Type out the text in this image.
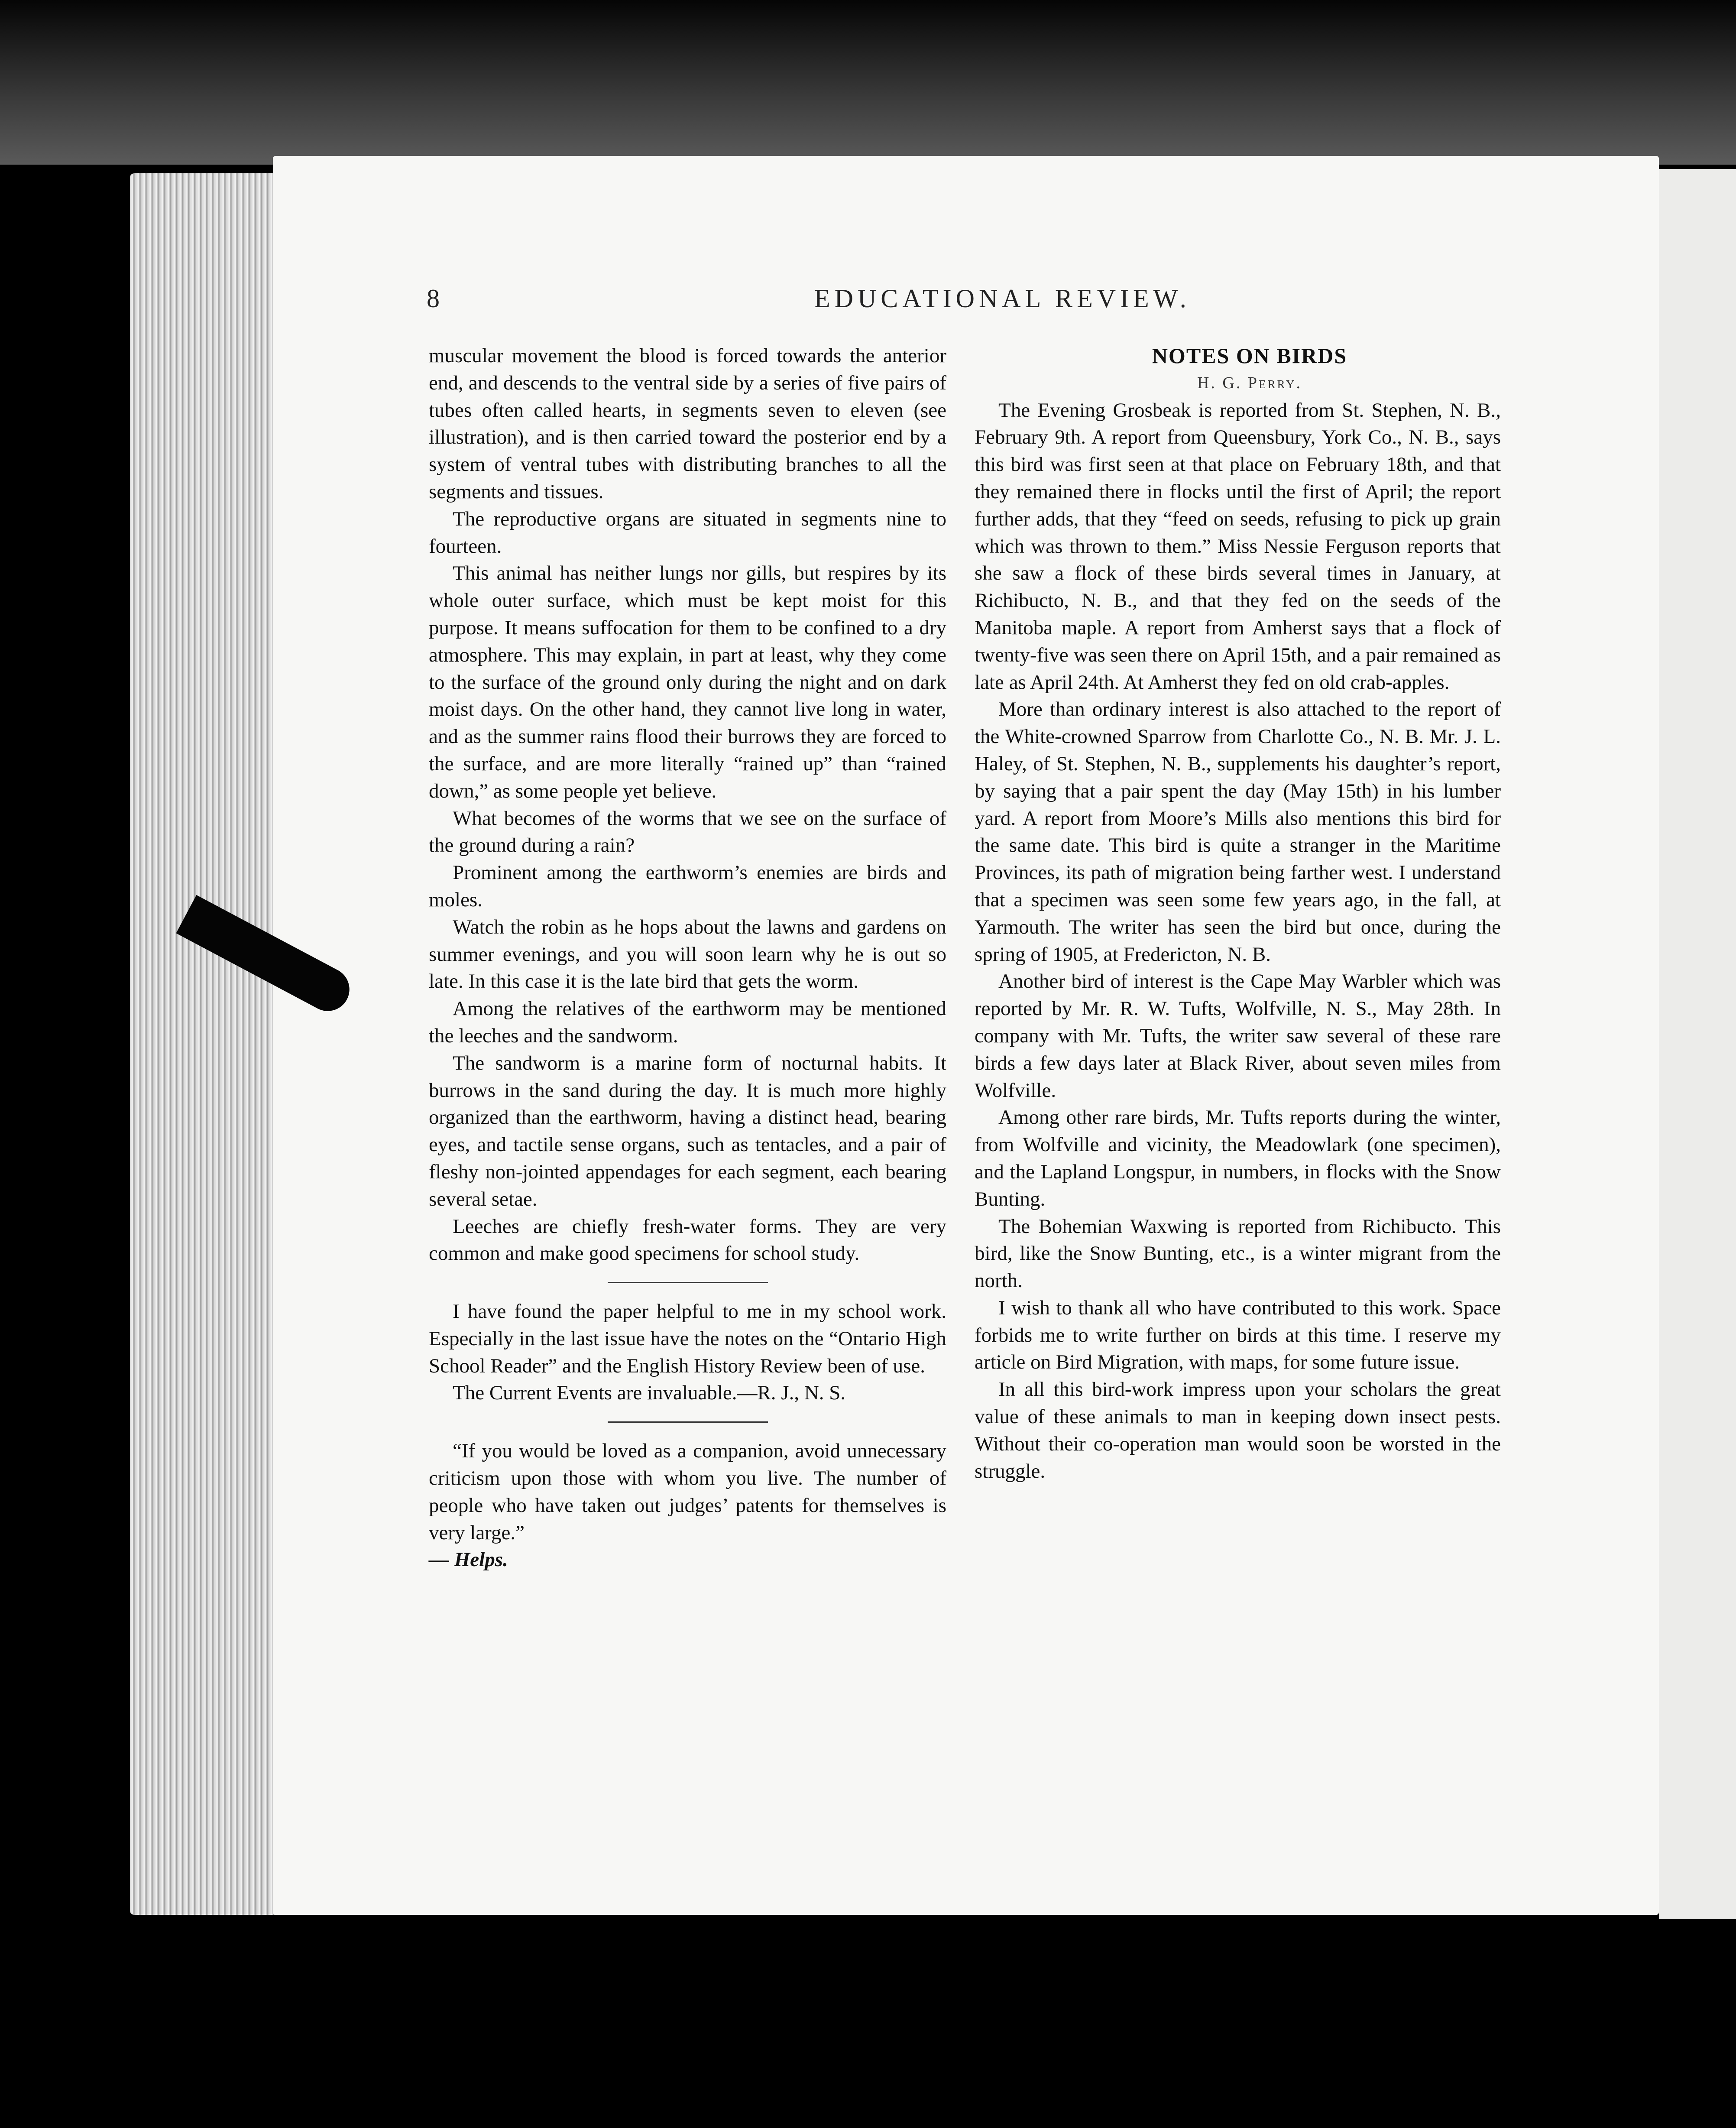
8	EDUCATIONAL REVIEW.

muscular movement the blood is forced towards the anterior end, and descends to the ventral side by a series of five pairs of tubes often called hearts, in segments seven to eleven (see illustration), and is then carried toward the posterior end by a system of ventral tubes with distributing branches to all the segments and tissues.

The reproductive organs are situated in segments nine to fourteen.

This animal has neither lungs nor gills, but respires by its whole outer surface, which must be kept moist for this purpose. It means suffocation for them to be confined to a dry atmosphere. This may explain, in part at least, why they come to the surface of the ground only during the night and on dark moist days. On the other hand, they cannot live long in water, and as the summer rains flood their burrows they are forced to the surface, and are more literally “rained up” than “rained down,” as some people yet believe.

What becomes of the worms that we see on the surface of the ground during a rain?

Prominent among the earthworm’s enemies are birds and moles.

Watch the robin as he hops about the lawns and gardens on summer evenings, and you will soon learn why he is out so late. In this case it is the late bird that gets the worm.

Among the relatives of the earthworm may be mentioned the leeches and the sandworm.

The sandworm is a marine form of nocturnal habits. It burrows in the sand during the day. It is much more highly organized than the earthworm, having a distinct head, bearing eyes, and tactile sense organs, such as tentacles, and a pair of fleshy non-jointed appendages for each segment, each bearing several setae.

Leeches are chiefly fresh-water forms. They are very common and make good specimens for school study.

I have found the paper helpful to me in my school work. Especially in the last issue have the notes on the “Ontario High School Reader” and the English History Review been of use.

The Current Events are invaluable.—R. J., N. S.

“If you would be loved as a companion, avoid unnecessary criticism upon those with whom you live. The number of people who have taken out judges’ patents for themselves is very large.”

— Helps.

NOTES ON BIRDS

H. G. Perry.

The Evening Grosbeak is reported from St. Stephen, N. B., February 9th. A report from Queensbury, York Co., N. B., says this bird was first seen at that place on February 18th, and that they remained there in flocks until the first of April; the report further adds, that they “feed on seeds, refusing to pick up grain which was thrown to them.” Miss Nessie Ferguson reports that she saw a flock of these birds several times in January, at Richibucto, N. B., and that they fed on the seeds of the Manitoba maple. A report from Amherst says that a flock of twenty-five was seen there on April 15th, and a pair remained as late as April 24th. At Amherst they fed on old crab-apples.

More than ordinary interest is also attached to the report of the White-crowned Sparrow from Charlotte Co., N. B. Mr. J. L. Haley, of St. Stephen, N. B., supplements his daughter’s report, by saying that a pair spent the day (May 15th) in his lumber yard. A report from Moore’s Mills also mentions this bird for the same date. This bird is quite a stranger in the Maritime Provinces, its path of migration being farther west. I understand that a specimen was seen some few years ago, in the fall, at Yarmouth. The writer has seen the bird but once, during the spring of 1905, at Fredericton, N. B.

Another bird of interest is the Cape May Warbler which was reported by Mr. R. W. Tufts, Wolfville, N. S., May 28th. In company with Mr. Tufts, the writer saw several of these rare birds a few days later at Black River, about seven miles from Wolfville.

Among other rare birds, Mr. Tufts reports during the winter, from Wolfville and vicinity, the Meadowlark (one specimen), and the Lapland Longspur, in numbers, in flocks with the Snow Bunting.

The Bohemian Waxwing is reported from Richibucto. This bird, like the Snow Bunting, etc., is a winter migrant from the north.

I wish to thank all who have contributed to this work. Space forbids me to write further on birds at this time. I reserve my article on Bird Migration, with maps, for some future issue.

In all this bird-work impress upon your scholars the great value of these animals to man in keeping down insect pests. Without their co-operation man would soon be worsted in the struggle.
